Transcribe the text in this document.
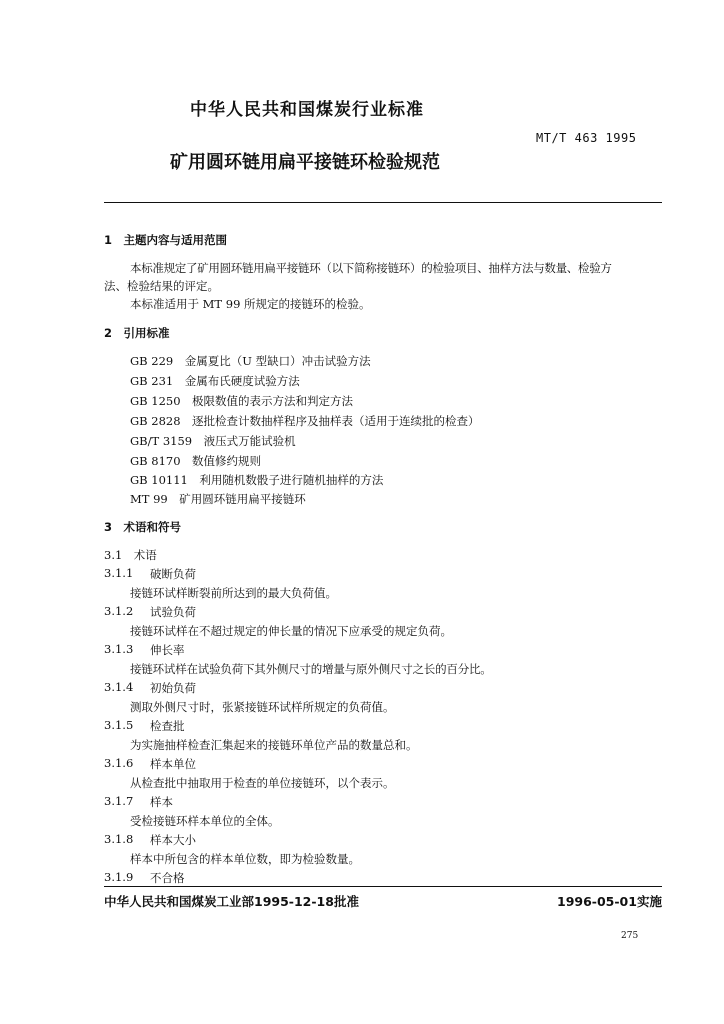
中华人民共和国煤炭行业标准
MT/T 463 1995
矿用圆环链用扁平接链环检验规范
1　主题内容与适用范围
本标准规定了矿用圆环链用扁平接链环（以下简称接链环）的检验项目、抽样方法与数量、检验方
法、检验结果的评定。
本标准适用于 MT 99 所规定的接链环的检验。
2　引用标准
GB 229　金属夏比（U 型缺口）冲击试验方法
GB 231　金属布氏硬度试验方法
GB 1250　极限数值的表示方法和判定方法
GB 2828　逐批检查计数抽样程序及抽样表（适用于连续批的检查）
GB/T 3159　液压式万能试验机
GB 8170　数值修约规则
GB 10111　利用随机数骰子进行随机抽样的方法
MT 99　矿用圆环链用扁平接链环
3　术语和符号
3.1　术语
3.1.1 破断负荷
接链环试样断裂前所达到的最大负荷值。
3.1.2 试验负荷
接链环试样在不超过规定的伸长量的情况下应承受的规定负荷。
3.1.3 伸长率
接链环试样在试验负荷下其外侧尺寸的增量与原外侧尺寸之长的百分比。
3.1.4 初始负荷
测取外侧尺寸时，张紧接链环试样所规定的负荷值。
3.1.5 检查批
为实施抽样检查汇集起来的接链环单位产品的数量总和。
3.1.6 样本单位
从检查批中抽取用于检查的单位接链环，以个表示。
3.1.7 样本
受检接链环样本单位的全体。
3.1.8 样本大小
样本中所包含的样本单位数，即为检验数量。
3.1.9 不合格
中华人民共和国煤炭工业部1995-12-18批准	1996-05-01实施
275
